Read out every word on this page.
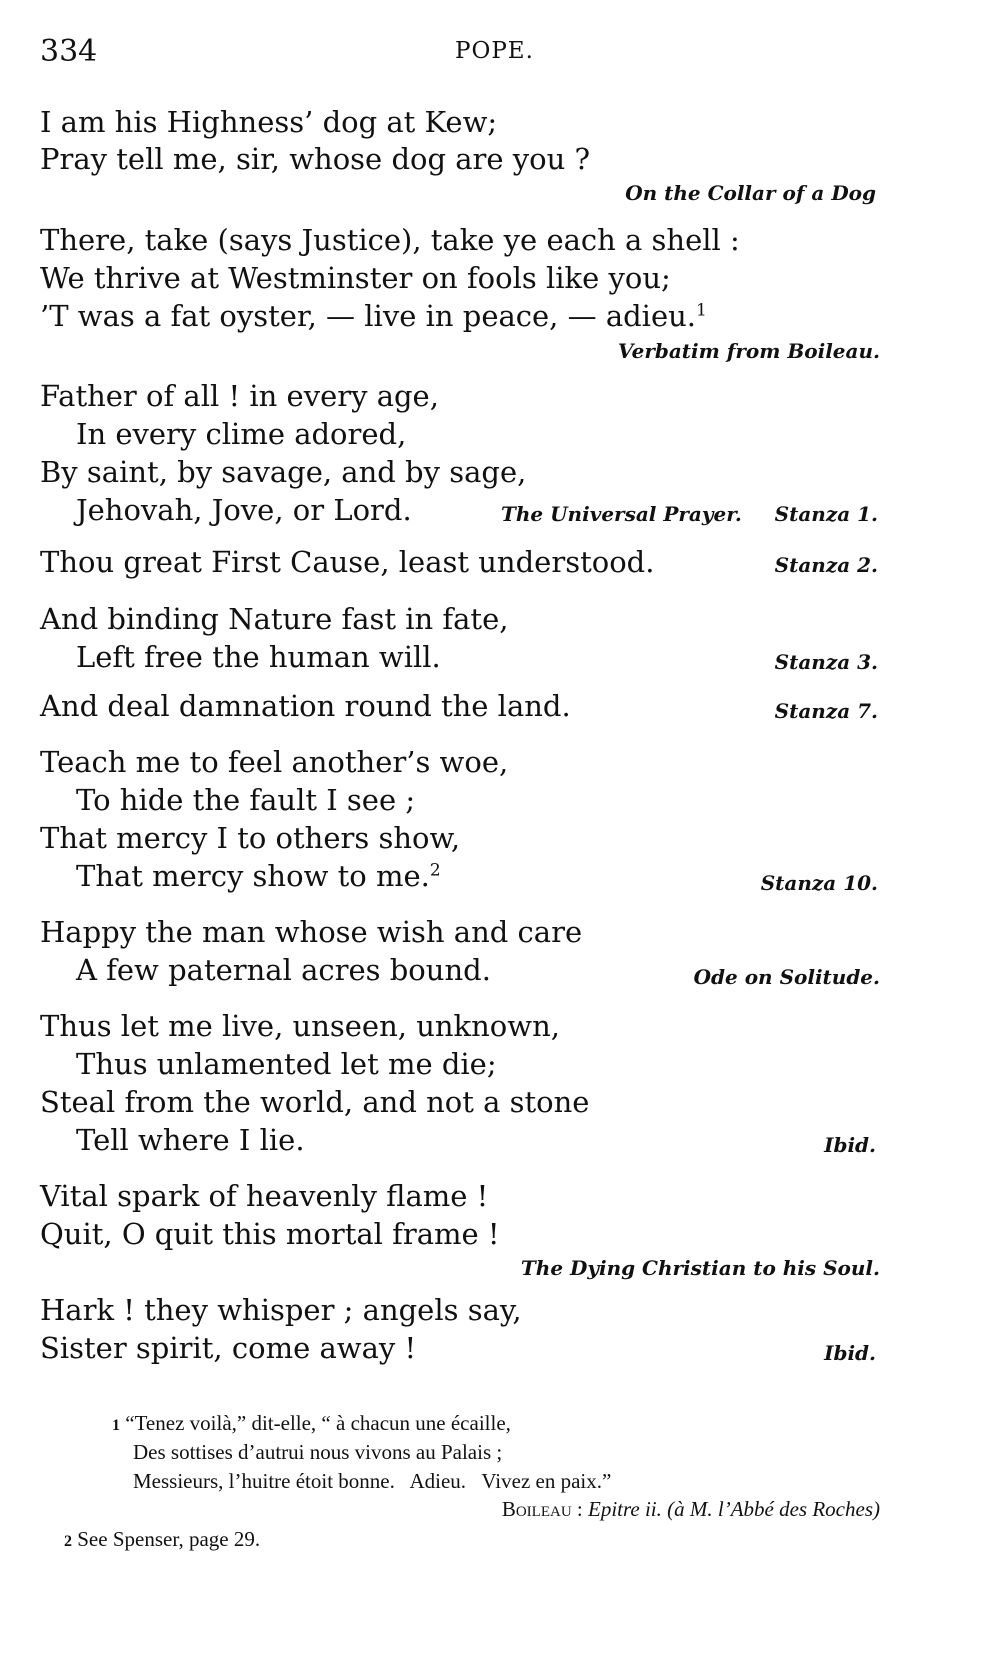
334	POPE.
I am his Highness’ dog at Kew;
Pray tell me, sir, whose dog are you ?
On the Collar of a Dog
There, take (says Justice), take ye each a shell :
We thrive at Westminster on fools like you;
’T was a fat oyster, — live in peace, — adieu.$^1$
Verbatim from Boileau.
Father of all ! in every age,
In every clime adored,
By saint, by savage, and by sage,
Jehovah, Jove, or Lord.	The Universal Prayer. Stanza 1.
Thou great First Cause, least understood.	Stanza 2.
And binding Nature fast in fate,
Left free the human will.	Stanza 3.
And deal damnation round the land.	Stanza 7.
Teach me to feel another’s woe,
To hide the fault I see ;
That mercy I to others show,
That mercy show to me.$^2$
Stanza 10.
Happy the man whose wish and care
A few paternal acres bound.	Ode on Solitude.
Thus let me live, unseen, unknown,
Thus unlamented let me die;
Steal from the world, and not a stone
Tell where I lie.	Ibid.
Vital spark of heavenly flame !
Quit, O quit this mortal frame !
The Dying Christian to his Soul.
Hark ! they whisper ; angels say,
Sister spirit, come away !	Ibid.
1 “Tenez voilà,” dit-elle, “ à chacun une écaille,
Des sottises d’autrui nous vivons au Palais ;
Messieurs, l’huitre étoit bonne.   Adieu.   Vivez en paix.”
Boileau : Epitre ii. (à M. l’Abbé des Roches)
2 See Spenser, page 29.
